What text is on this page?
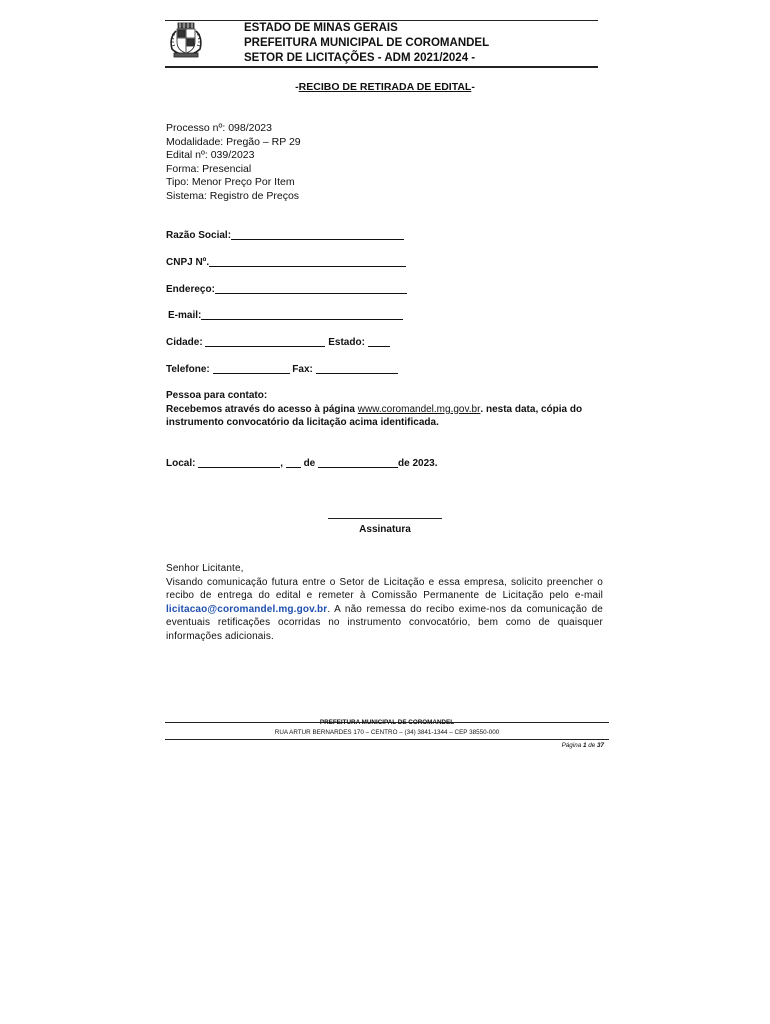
ESTADO DE MINAS GERAIS
PREFEITURA MUNICIPAL DE COROMANDEL
SETOR DE LICITAÇÕES - ADM 2021/2024 -
-RECIBO DE RETIRADA DE EDITAL-
Processo nº: 098/2023
Modalidade: Pregão – RP 29
Edital nº: 039/2023
Forma: Presencial
Tipo: Menor Preço Por Item
Sistema: Registro de Preços
Razão Social:
CNPJ Nº.
Endereço:
E-mail:
Cidade:	Estado:
Telefone:	Fax:
Pessoa para contato:
Recebemos através do acesso à página www.coromandel.mg.gov.br. nesta data, cópia do
instrumento convocatório da licitação acima identificada.
Local:	, de	de 2023.
Assinatura
Senhor Licitante,
Visando comunicação futura entre o Setor de Licitação e essa empresa, solicito preencher o recibo de entrega do edital e remeter à Comissão Permanente de Licitação pelo e-mail licitacao@coromandel.mg.gov.br. A não remessa do recibo exime-nos da comunicação de eventuais retificações ocorridas no instrumento convocatório, bem como de quaisquer informações adicionais.
PREFEITURA MUNICIPAL DE COROMANDEL
RUA ARTUR BERNARDES 170 – CENTRO – (34) 3841-1344 – CEP 38550-000
Página 1 de 37
